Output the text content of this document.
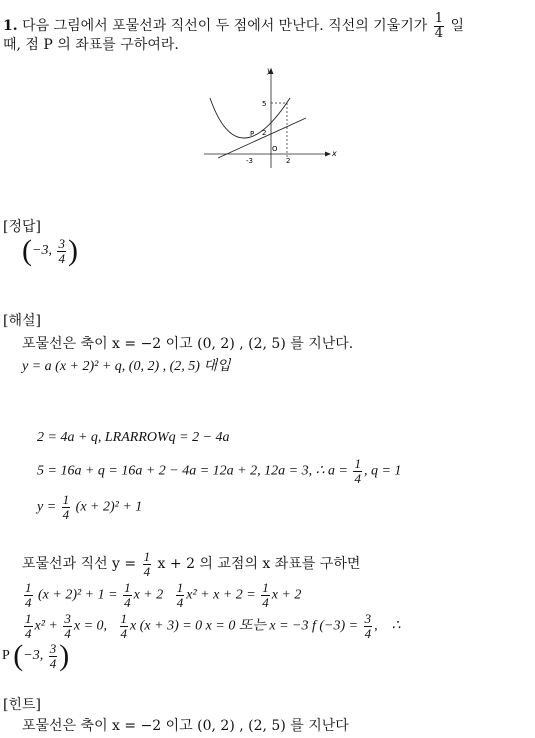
1. 다음 그림에서 포물선과 직선이 두 점에서 만난다. 직선의 기울기가 $\frac{1}{4}$ 일
때, 점 P 의 좌표를 구하여라.
y
x
5
P 2
O
-3	2
[정답]
(−3, $\frac{3}{4}$ )
[해설]
포물선은 축이 x = −2 이고 (0, 2) , (2, 5) 를 지난다.
y = a (x + 2)² + q, (0, 2) , (2, 5) 대입
2 = 4a + q, LRARROWq = 2 − 4a
5 = 16a + q = 16a + 2 − 4a = 12a + 2, 12a = 3, ∴ $a = \frac{1}{4}$ , q = 1
$y = \frac{1}{4} (x + 2)^2 + 1$
포물선과 직선 $y = \frac{1}{4}$ x + 2 의 교점의 x 좌표를 구하면
$\frac{1}{4} (x + 2)^2 + 1 = \frac{1}{4}$ $x + 2 \frac{1}{4} x^2 + x + 2 = \frac{1}{4}$ x + 2
$\frac{1}{4} x^2 + \frac{3}{4}$ x = 0, $\frac{1}{4}$ x (x + 3) = 0 x = 0 또는 x = −3 f $(-3) = \frac{3}{4}$ , ∴
P (−3, $\frac{3}{4}$ )
[힌트]
포물선은 축이 x = −2 이고 (0, 2) , (2, 5) 를 지난다
